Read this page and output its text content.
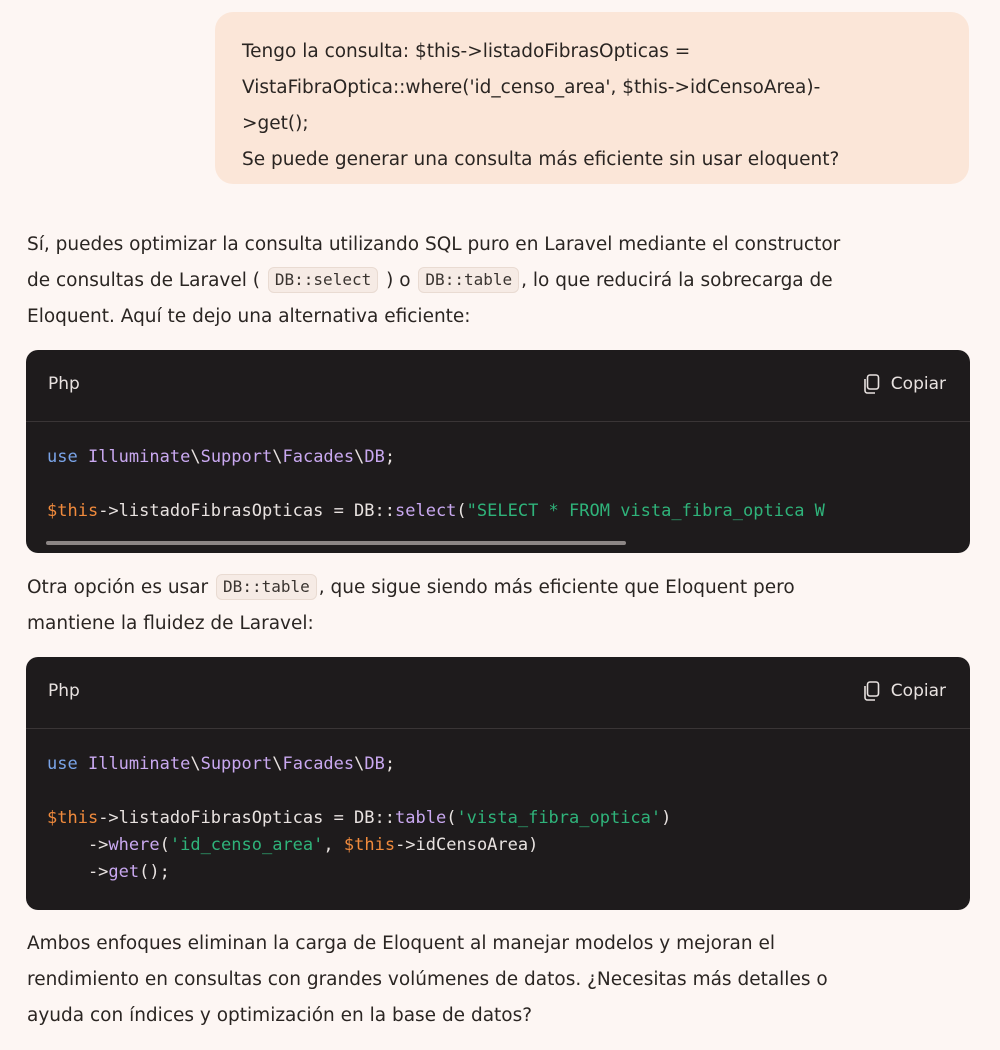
Tengo la consulta: $this->listadoFibrasOpticas =
VistaFibraOptica::where('id_censo_area', $this->idCensoArea)-
>get();
Se puede generar una consulta más eficiente sin usar eloquent?
Sí, puedes optimizar la consulta utilizando SQL puro en Laravel mediante el constructor
de consultas de Laravel ( DB::select ) o DB::table , lo que reducirá la sobrecarga de
Eloquent. Aquí te dejo una alternativa eficiente:
Php	Copiar
use Illuminate\Support\Facades\DB;

$this->listadoFibrasOpticas = DB::select("SELECT * FROM vista_fibra_optica W
Otra opción es usar DB::table , que sigue siendo más eficiente que Eloquent pero
mantiene la fluidez de Laravel:
Php	Copiar
use Illuminate\Support\Facades\DB;

$this->listadoFibrasOpticas = DB::table('vista_fibra_optica')
->where('id_censo_area', $this->idCensoArea)
->get();
Ambos enfoques eliminan la carga de Eloquent al manejar modelos y mejoran el
rendimiento en consultas con grandes volúmenes de datos. ¿Necesitas más detalles o
ayuda con índices y optimización en la base de datos?
